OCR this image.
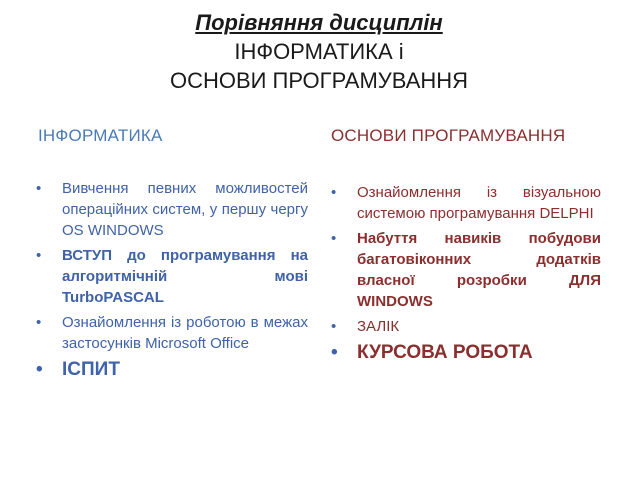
Порівняння дисциплін
ІНФОРМАТИКА і
ОСНОВИ ПРОГРАМУВАННЯ
ІНФОРМАТИКА	ОСНОВИ ПРОГРАМУВАННЯ
• Вивчення певних можливостей операційних систем, у першу чергу OS WINDOWS
• ВСТУП до програмування на алгоритмічній мові TurboPASCAL
• Ознайомлення із роботою в межах застосунків Microsoft Office
• ІСПИТ
• Ознайомлення із візуальною системою програмування DELPHI
• Набуття навиків побудови багатовіконних додатків власної розробки ДЛЯ WINDOWS
• ЗАЛІК
• КУРСОВА РОБОТА
